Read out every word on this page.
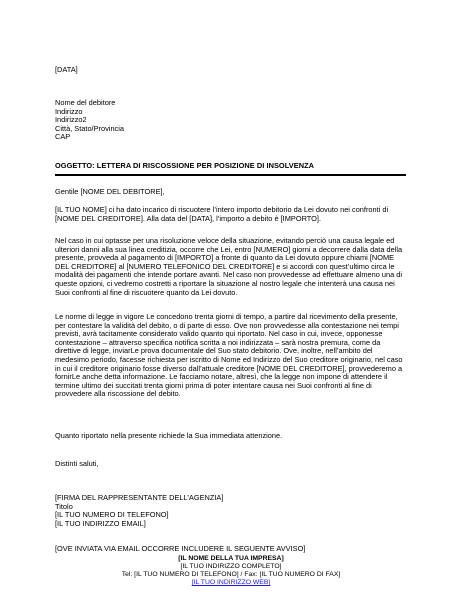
[DATA]
Nome del debitore
Indirizzo
Indirizzo2
Città, Stato/Provincia
CAP
OGGETTO: LETTERA DI RISCOSSIONE PER POSIZIONE DI INSOLVENZA
Gentile [NOME DEL DEBITORE],

[IL TUO NOME] ci ha dato incarico di riscuotere l’intero importo debitorio da Lei dovuto nei confronti di [NOME DEL CREDITORE]. Alla data del [DATA], l’importo a debito è [IMPORTO].

Nel caso in cui optasse per una risoluzione veloce della situazione, evitando perciò una causa legale ed ulteriori danni alla sua linea creditizia, occorre che Lei, entro [NUMERO] giorni a decorrere dalla data della presente, provveda al pagamento di [IMPORTO] a fronte di quanto da Lei dovuto oppure chiami [NOME DEL CREDITORE] al [NUMERO TELEFONICO DEL CREDITORE] e si accordi con quest’ultimo circa le modalità dei pagamenti che intende portare avanti. Nel caso non provvedesse ad effettuare almeno una di queste opzioni, ci vedremo costretti a riportare la situazione al nostro legale che intenterà una causa nei Suoi confronti al fine di riscuotere quanto da Lei dovuto.

Le norme di legge in vigore Le concedono trenta giorni di tempo, a partire dal ricevimento della presente, per contestare la validità del debito, o di parte di esso. Ove non provvedesse alla contestazione nei tempi previsti, avrà tacitamente considerato valido quanto qui riportato. Nel caso in cui, invece, opponesse contestazione – attraverso specifica notifica scritta a noi indirizzata – sarà nostra premura, come da direttive di legge, inviarLe prova documentale del Suo stato debitorio. Ove, inoltre, nell’ambito del medesimo periodo, facesse richiesta per iscritto di Nome ed Indirizzo del Suo creditore originario, nel caso in cui il creditore originario fosse diverso dall’attuale creditore [NOME DEL CREDITORE], provvederemo a fornirLe anche detta informazione. Le facciamo notare, altresì, che la legge non impone di attendere il termine ultimo dei succitati trenta giorni prima di poter intentare causa nei Suoi confronti al fine di provvedere alla riscossione del debito.

Quanto riportato nella presente richiede la Sua immediata attenzione.

Distinti saluti,
[FIRMA DEL RAPPRESENTANTE DELL’AGENZIA]
Titolo
[IL TUO NUMERO DI TELEFONO]
[IL TUO INDIRIZZO EMAIL]
[OVE INVIATA VIA EMAIL OCCORRE INCLUDERE IL SEGUENTE AVVISO]
[IL NOME DELLA TUA IMPRESA]
[IL TUO INDIRIZZO COMPLETO]
Tel: [IL TUO NUMERO DI TELEFONO] / Fax: [IL TUO NUMERO DI FAX]
[IL TUO INDIRIZZO WEB]
